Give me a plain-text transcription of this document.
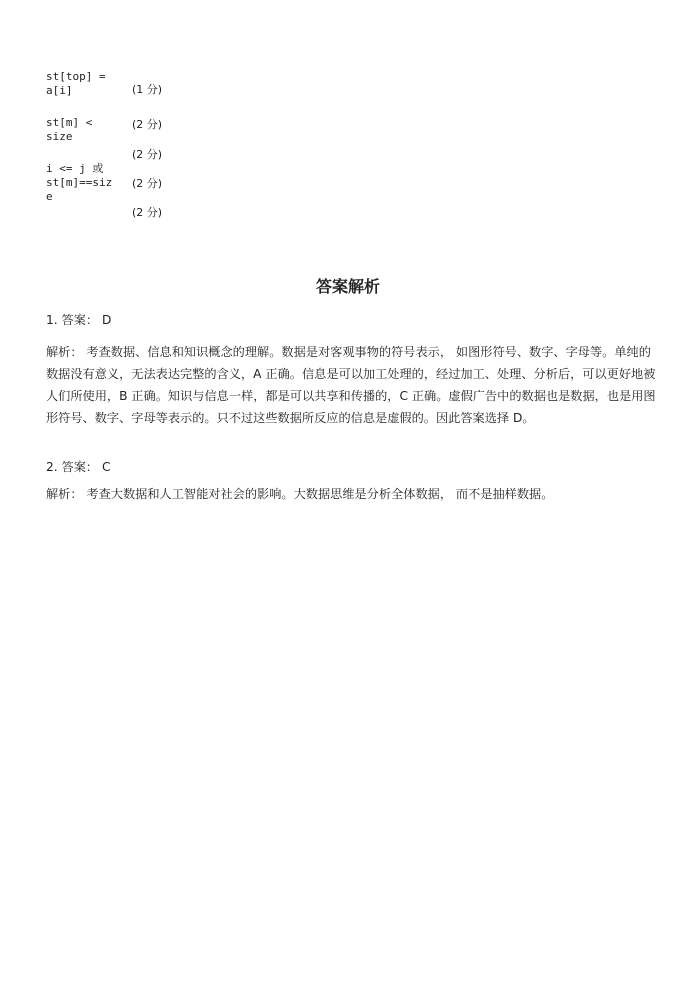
st[top] =
a[i]	(1 分)
st[m] <
size
(2 分)
(2 分)
i <= j 或
st[m]==siz
e
(2 分)
(2 分)
答案解析

1. 答案： D

解析： 考查数据、信息和知识概念的理解。数据是对客观事物的符号表示， 如图形符号、数字、字母等。单纯的数据没有意义，无法表达完整的含义，A 正确。信息是可以加工处理的，经过加工、处理、分析后，可以更好地被人们所使用，B 正确。知识与信息一样，都是可以共享和传播的，C 正确。虚假广告中的数据也是数据，也是用图形符号、数字、字母等表示的。只不过这些数据所反应的信息是虚假的。因此答案选择 D。

2. 答案： C

解析： 考查大数据和人工智能对社会的影响。大数据思维是分析全体数据， 而不是抽样数据。
